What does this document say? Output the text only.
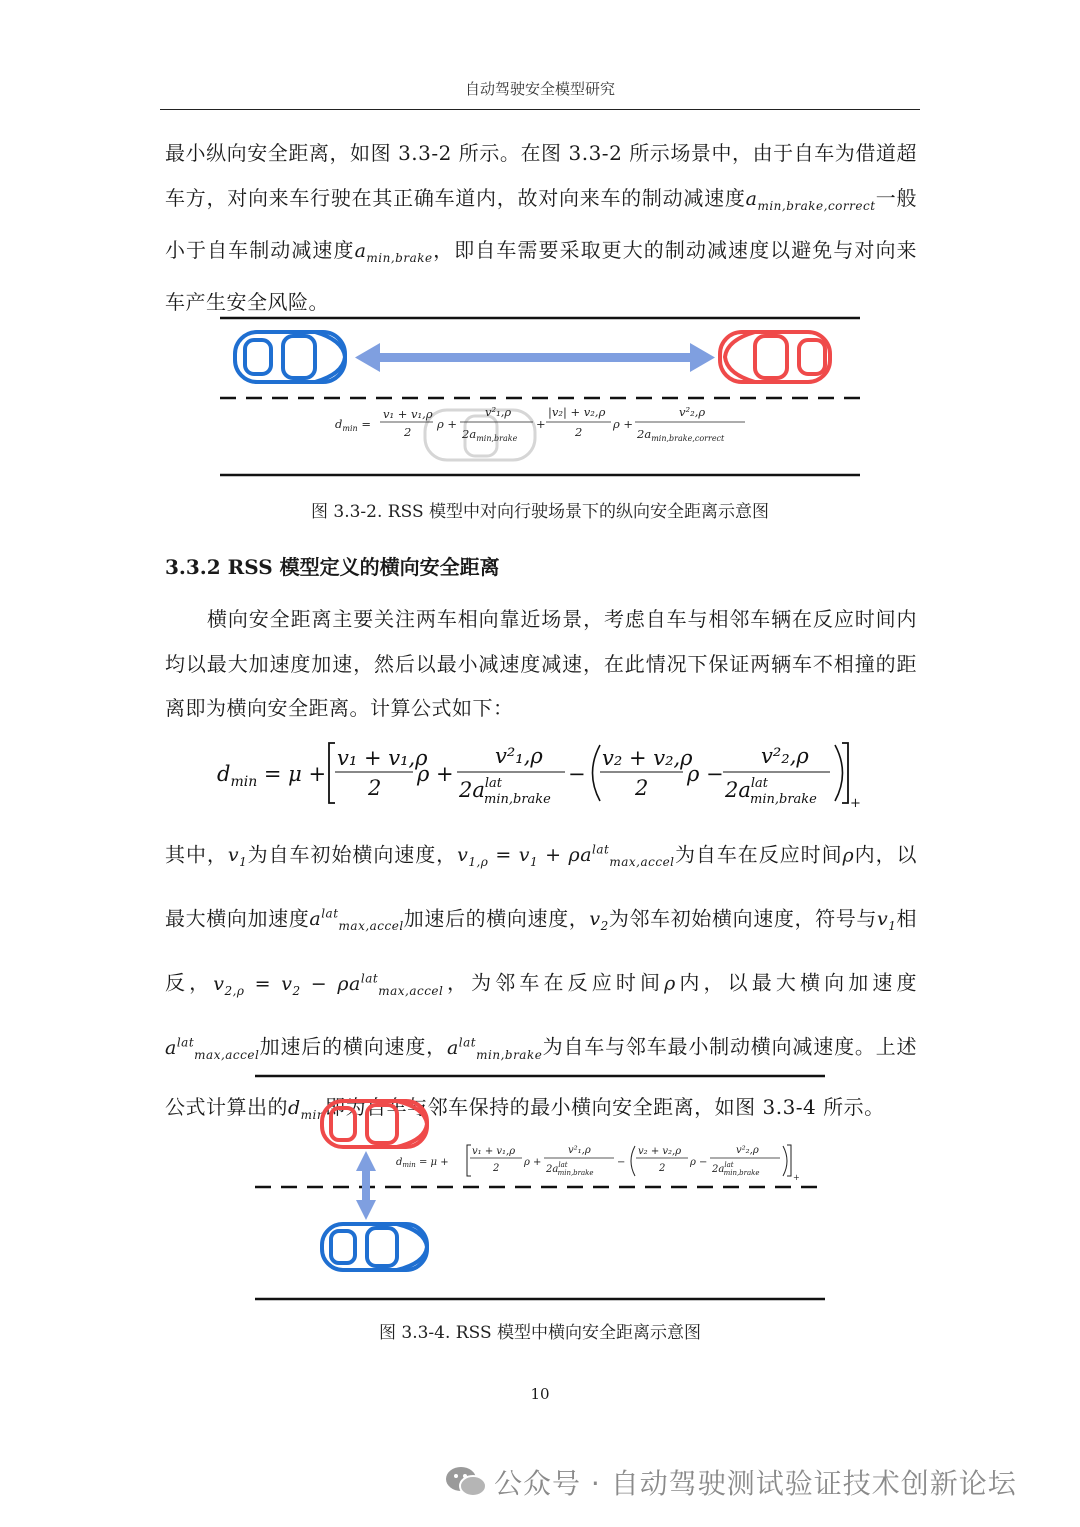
自动驾驶安全模型研究
最小纵向安全距离，如图 3.3-2 所示。在图 3.3-2 所示场景中，由于自车为借道超车方，对向来车行驶在其正确车道内，故对向来车的制动减速度$a_{min,brake,correct}$一般小于自车制动减速度$a_{min,brake}$，即自车需要采取更大的制动减速度以避免与对向来车产生安全风险。
$d_{min}$ =
v₁ + v₁,ρ
2
ρ +
v²₁,ρ
$2a_{min,brake}$
+
|v₂| + v₂,ρ
2
ρ +
v²₂,ρ
$2a_{min,brake,correct}$
图 3.3-2. RSS 模型中对向行驶场景下的纵向安全距离示意图
3.3.2 RSS 模型定义的横向安全距离
横向安全距离主要关注两车相向靠近场景，考虑自车与相邻车辆在反应时间内均以最大加速度加速，然后以最小减速度减速，在此情况下保证两辆车不相撞的距离即为横向安全距离。计算公式如下：
$d_{min} = \mu$ +
v₁ + v₁,ρ
2
ρ +
v²₁,ρ
$2a^{lat}$ min,brake
−
v₂ + v₂,ρ
2
ρ −
v²₂,ρ
$2a^{lat}$ min,brake	+
其中，$v_1$为自车初始横向速度，$v_{1,\rho} = v_1 + \rho a^{lat}_{max,accel}$为自车在反应时间ρ内，以最大横向加速度$a^{lat}_{max,accel}$加速后的横向速度，$v_2$为邻车初始横向速度，符号与$v_1$相反，$v_{2,\rho} = v_2 - \rho a^{lat}_{max,accel}$，为邻车在反应时间ρ内，以最大横向加速度$a^{lat}_{max,accel}$加速后的横向速度，$a^{lat}_{min,brake}$为自车与邻车最小制动横向减速度。上述公式计算出的$d_{min}$即为自车与邻车保持的最小横向安全距离，如图 3.3-4 所示。
$d_{min} = \mu$ +
v₁ + v₁,ρ
2
ρ +
v²₁,ρ
$2a^{lat}$ min,brake
−
v₂ + v₂,ρ
2
ρ −
v²₂,ρ
$2a^{lat}$ min,brake	+
图 3.3-4. RSS 模型中横向安全距离示意图
10
公众号 · 自动驾驶测试验证技术创新论坛
